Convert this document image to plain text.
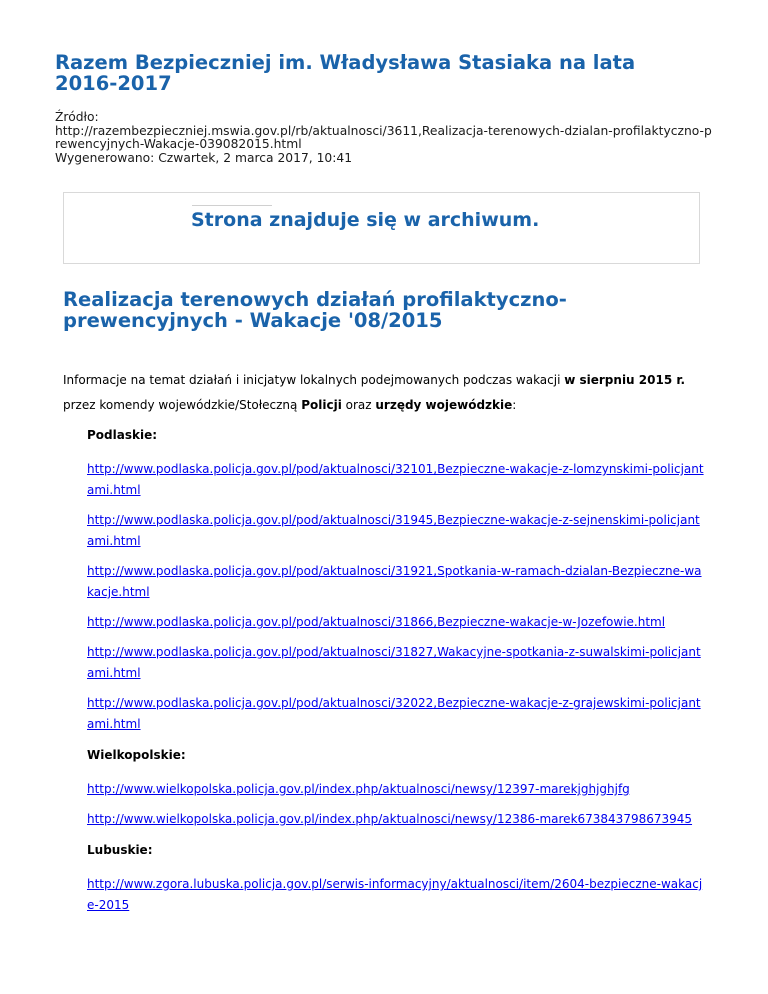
Razem Bezpieczniej im. Władysława Stasiaka na lata 2016-2017
Źródło:
http://razembezpieczniej.mswia.gov.pl/rb/aktualnosci/3611,Realizacja-terenowych-dzialan-profilaktyczno-prewencyjnych-Wakacje-039082015.html
Wygenerowano: Czwartek, 2 marca 2017, 10:41
Strona znajduje się w archiwum.
Realizacja terenowych działań profilaktyczno-prewencyjnych - Wakacje '08/2015

Informacje na temat działań i inicjatyw lokalnych podejmowanych podczas wakacji w sierpniu 2015 r. przez komendy wojewódzkie/Stołeczną Policji oraz urzędy wojewódzkie:

Podlaskie:
http://www.podlaska.policja.gov.pl/pod/aktualnosci/32101,Bezpieczne-wakacje-z-lomzynskimi-policjantami.html
http://www.podlaska.policja.gov.pl/pod/aktualnosci/31945,Bezpieczne-wakacje-z-sejnenskimi-policjantami.html
http://www.podlaska.policja.gov.pl/pod/aktualnosci/31921,Spotkania-w-ramach-dzialan-Bezpieczne-wakacje.html
http://www.podlaska.policja.gov.pl/pod/aktualnosci/31866,Bezpieczne-wakacje-w-Jozefowie.html
http://www.podlaska.policja.gov.pl/pod/aktualnosci/31827,Wakacyjne-spotkania-z-suwalskimi-policjantami.html
http://www.podlaska.policja.gov.pl/pod/aktualnosci/32022,Bezpieczne-wakacje-z-grajewskimi-policjantami.html
Wielkopolskie:
http://www.wielkopolska.policja.gov.pl/index.php/aktualnosci/newsy/12397-marekjghjghjfg
http://www.wielkopolska.policja.gov.pl/index.php/aktualnosci/newsy/12386-marek673843798673945
Lubuskie:
http://www.zgora.lubuska.policja.gov.pl/serwis-informacyjny/aktualnosci/item/2604-bezpieczne-wakacje-2015
